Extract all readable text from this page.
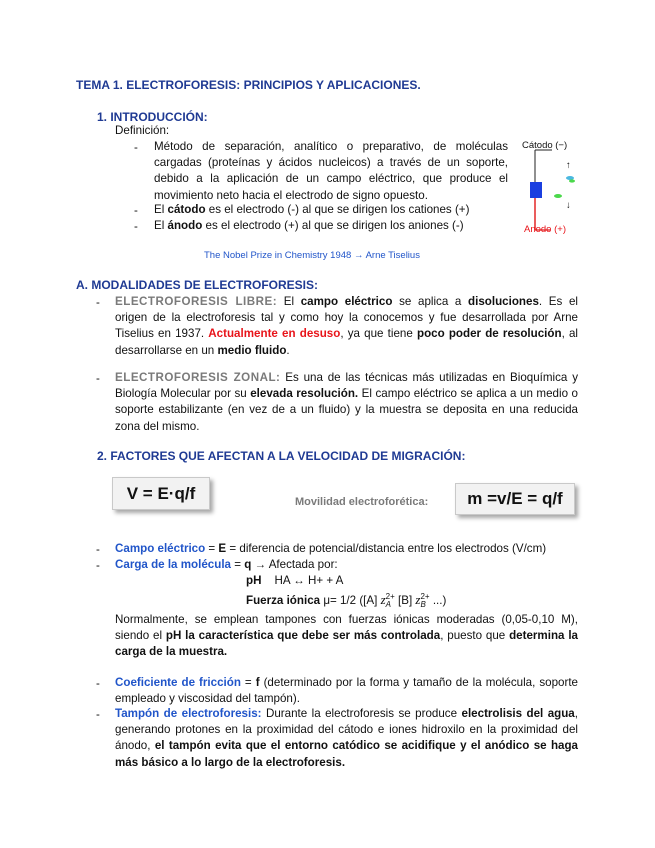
TEMA 1. ELECTROFORESIS: PRINCIPIOS Y APLICACIONES.
1. INTRODUCCIÓN:
Definición:
- Método de separación, analítico o preparativo, de moléculas cargadas (proteínas y ácidos nucleicos) a través de un soporte, debido a la aplicación de un campo eléctrico, que produce el movimiento neto hacia el electrodo de signo opuesto.
- El cátodo es el electrodo (-) al que se dirigen los cationes (+)
- El ánodo es el electrodo (+) al que se dirigen los aniones (-)
Cátodo (−)
Anodo (+)
↑
↓
The Nobel Prize in Chemistry 1948 → Arne Tiselius
A. MODALIDADES DE ELECTROFORESIS:
- ELECTROFORESIS LIBRE: El campo eléctrico se aplica a disoluciones. Es el origen de la electroforesis tal y como hoy la conocemos y fue desarrollada por Arne Tiselius en 1937. Actualmente en desuso, ya que tiene poco poder de resolución, al desarrollarse en un medio fluido.
- ELECTROFORESIS ZONAL: Es una de las técnicas más utilizadas en Bioquímica y Biología Molecular por su elevada resolución. El campo eléctrico se aplica a un medio o soporte estabilizante (en vez de a un fluido) y la muestra se deposita en una reducida zona del mismo.
2. FACTORES QUE AFECTAN A LA VELOCIDAD DE MIGRACIÓN:
V = E·q/f	Movilidad electroforética: m =v/E = q/f
- Campo eléctrico = E = diferencia de potencial/distancia entre los electrodos (V/cm)
- Carga de la molécula = q → Afectada por:
pH HA ↔ H+ + A
Fuerza iónica μ= 1/2 ([A] z 2+
A [B] z 2+
B ...)
Normalmente, se emplean tampones con fuerzas iónicas moderadas (0,05-0,10 M), siendo el pH la característica que debe ser más controlada, puesto que determina la carga de la muestra.
- Coeficiente de fricción = f (determinado por la forma y tamaño de la molécula, soporte empleado y viscosidad del tampón).
- Tampón de electroforesis: Durante la electroforesis se produce electrolisis del agua, generando protones en la proximidad del cátodo e iones hidroxilo en la proximidad del ánodo, el tampón evita que el entorno catódico se acidifique y el anódico se haga más básico a lo largo de la electroforesis.
